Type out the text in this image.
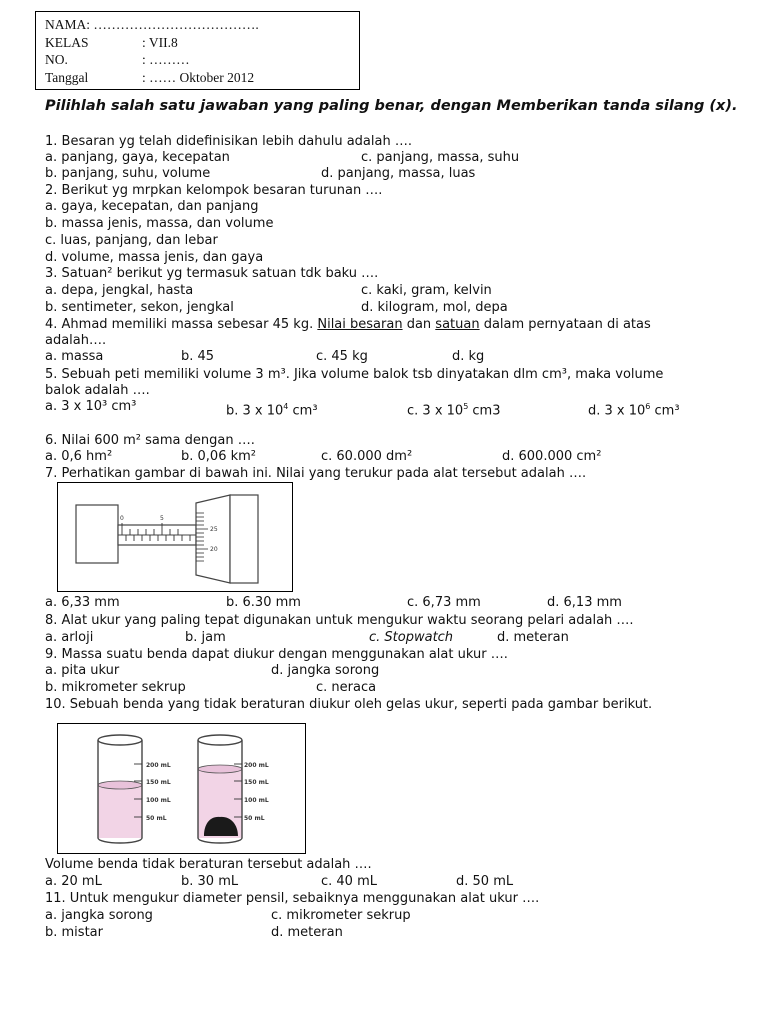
NAMA: ……………………………….
KELAS	: VII.8
NO.	: ………
Tanggal	: …… Oktober 2012
Pilihlah salah satu jawaban yang paling benar, dengan Memberikan tanda silang (x).
1. Besaran yg telah didefinisikan lebih dahulu adalah ….
a. panjang, gaya, kecepatan	c. panjang, massa, suhu
b. panjang, suhu, volume	d. panjang, massa, luas
2. Berikut yg mrpkan kelompok besaran turunan ….
a. gaya, kecepatan, dan panjang
b. massa jenis, massa, dan volume
c. luas, panjang, dan lebar
d. volume, massa jenis, dan gaya
3. Satuan² berikut yg termasuk satuan tdk baku ….
a. depa, jengkal, hasta	c. kaki, gram, kelvin
b. sentimeter, sekon, jengkal	d. kilogram, mol, depa
4. Ahmad memiliki massa sebesar 45 kg. Nilai besaran dan satuan dalam pernyataan di atas
adalah….
a. massa	b. 45	c. 45 kg	d. kg
5. Sebuah peti memiliki volume 3 m³. Jika volume balok tsb dinyatakan dlm cm³, maka volume
balok adalah ….
a. 3 x 10³ cm³	b. 3 x $10^4$ cm³	c. 3 x $10^5$ cm3	d. 3 x $10^6$ cm³
6. Nilai 600 m² sama dengan ….
a. 0,6 hm²	b. 0,06 km²	c. 60.000 dm²	d. 600.000 cm²
7. Perhatikan gambar di bawah ini. Nilai yang terukur pada alat tersebut adalah ….
0	5
25
20
a. 6,33 mm	b. 6.30 mm	c. 6,73 mm	d. 6,13 mm
8. Alat ukur yang paling tepat digunakan untuk mengukur waktu seorang pelari adalah ….
a. arloji	b. jam	c. Stopwatch	d. meteran
9. Massa suatu benda dapat diukur dengan menggunakan alat ukur ….
a. pita ukur	d. jangka sorong
b. mikrometer sekrup	c. neraca
10. Sebuah benda yang tidak beraturan diukur oleh gelas ukur, seperti pada gambar berikut.
200 mL
150 mL
100 mL
50 mL
200 mL
150 mL
100 mL
50 mL
Volume benda tidak beraturan tersebut adalah ….
a. 20 mL	b. 30 mL	c. 40 mL	d. 50 mL
11. Untuk mengukur diameter pensil, sebaiknya menggunakan alat ukur ….
a. jangka sorong	c. mikrometer sekrup
b. mistar	d. meteran
